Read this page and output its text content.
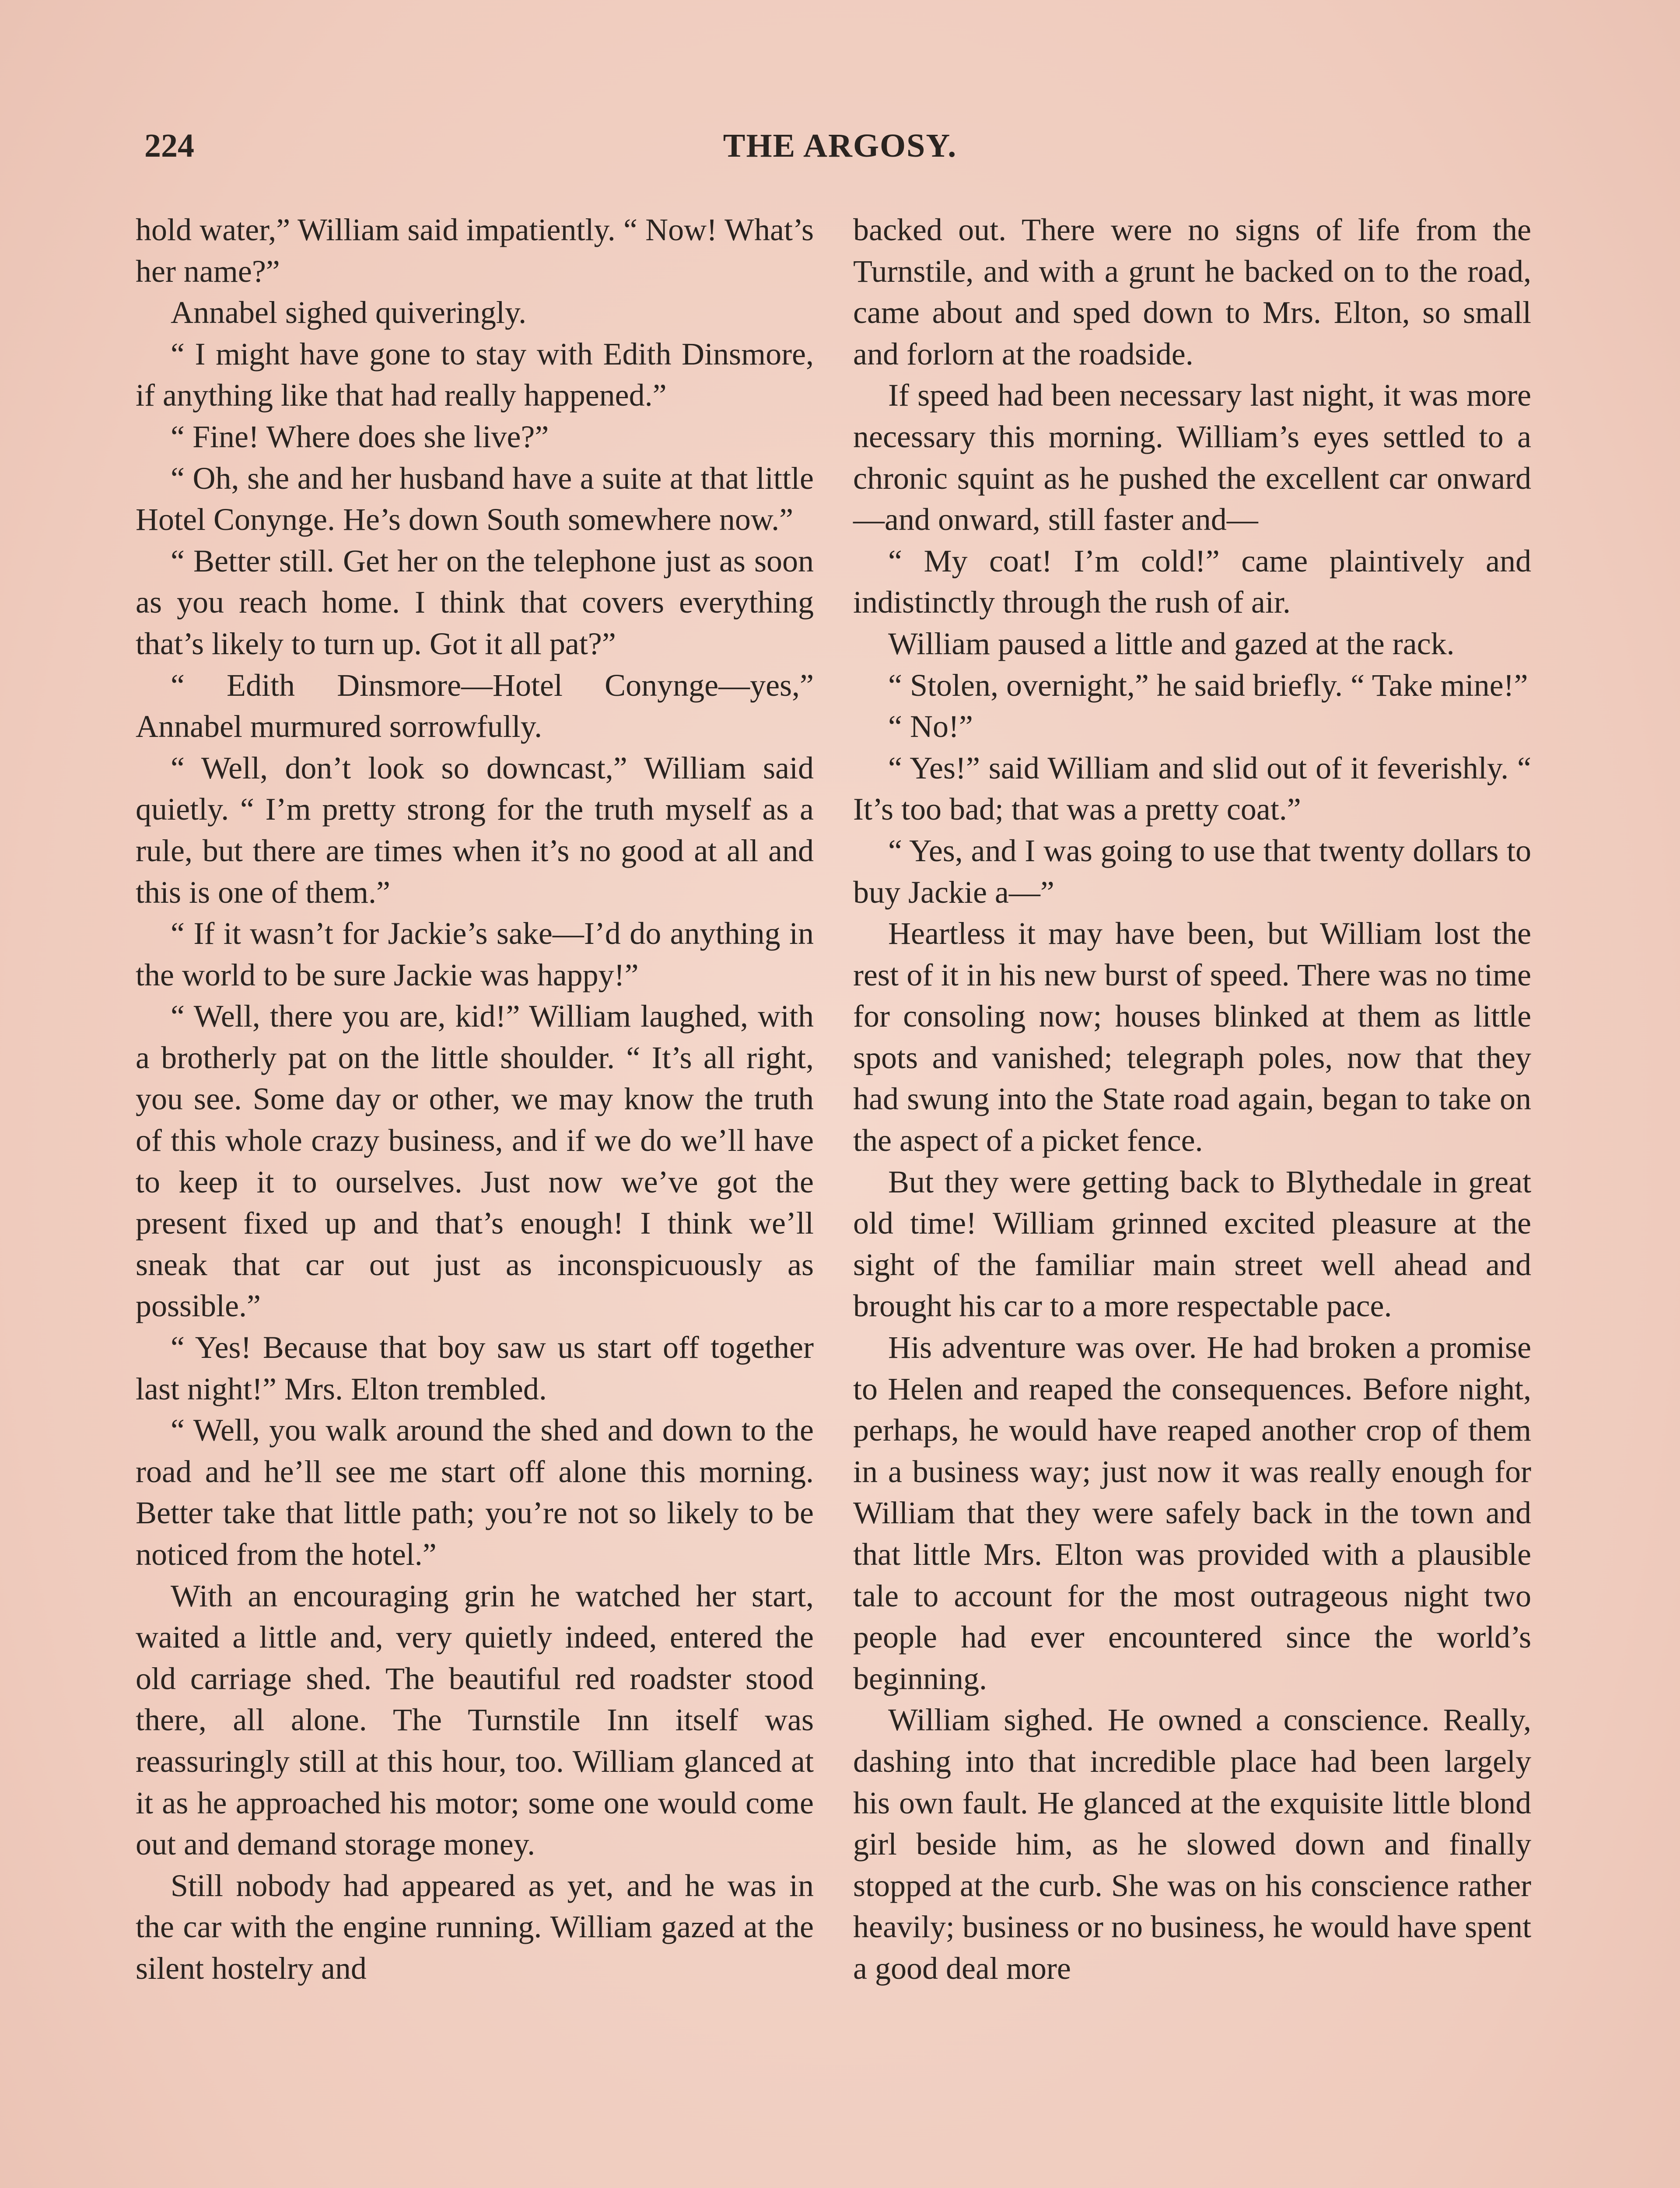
224	THE ARGOSY.

hold water,” William said impatiently. “ Now! What’s her name?”

Annabel sighed quiveringly.

“ I might have gone to stay with Edith Dinsmore, if anything like that had really happened.”

“ Fine! Where does she live?”

“ Oh, she and her husband have a suite at that little Hotel Conynge. He’s down South somewhere now.”

“ Better still. Get her on the telephone just as soon as you reach home. I think that covers everything that’s likely to turn up. Got it all pat?”

“ Edith Dinsmore—Hotel Conynge—yes,” Annabel murmured sorrowfully.

“ Well, don’t look so downcast,” William said quietly. “ I’m pretty strong for the truth myself as a rule, but there are times when it’s no good at all and this is one of them.”

“ If it wasn’t for Jackie’s sake—I’d do anything in the world to be sure Jackie was happy!”

“ Well, there you are, kid!” William laughed, with a brotherly pat on the little shoulder. “ It’s all right, you see. Some day or other, we may know the truth of this whole crazy business, and if we do we’ll have to keep it to ourselves. Just now we’ve got the present fixed up and that’s enough! I think we’ll sneak that car out just as inconspicuously as possible.”

“ Yes! Because that boy saw us start off together last night!” Mrs. Elton trembled.

“ Well, you walk around the shed and down to the road and he’ll see me start off alone this morning. Better take that little path; you’re not so likely to be noticed from the hotel.”

With an encouraging grin he watched her start, waited a little and, very quietly indeed, entered the old carriage shed. The beautiful red roadster stood there, all alone. The Turnstile Inn itself was reassuringly still at this hour, too. William glanced at it as he approached his motor; some one would come out and demand storage money.

Still nobody had appeared as yet, and he was in the car with the engine running. William gazed at the silent hostelry and

backed out. There were no signs of life from the Turnstile, and with a grunt he backed on to the road, came about and sped down to Mrs. Elton, so small and forlorn at the roadside.

If speed had been necessary last night, it was more necessary this morning. William’s eyes settled to a chronic squint as he pushed the excellent car onward—and onward, still faster and—

“ My coat! I’m cold!” came plaintively and indistinctly through the rush of air.

William paused a little and gazed at the rack.

“ Stolen, overnight,” he said briefly. “ Take mine!”

“ No!”

“ Yes!” said William and slid out of it feverishly. “ It’s too bad; that was a pretty coat.”

“ Yes, and I was going to use that twenty dollars to buy Jackie a—”

Heartless it may have been, but William lost the rest of it in his new burst of speed. There was no time for consoling now; houses blinked at them as little spots and vanished; telegraph poles, now that they had swung into the State road again, began to take on the aspect of a picket fence.

But they were getting back to Blythedale in great old time! William grinned excited pleasure at the sight of the familiar main street well ahead and brought his car to a more respectable pace.

His adventure was over. He had broken a promise to Helen and reaped the consequences. Before night, perhaps, he would have reaped another crop of them in a business way; just now it was really enough for William that they were safely back in the town and that little Mrs. Elton was provided with a plausible tale to account for the most outrageous night two people had ever encountered since the world’s beginning.

William sighed. He owned a conscience. Really, dashing into that incredible place had been largely his own fault. He glanced at the exquisite little blond girl beside him, as he slowed down and finally stopped at the curb. She was on his conscience rather heavily; business or no business, he would have spent a good deal more
